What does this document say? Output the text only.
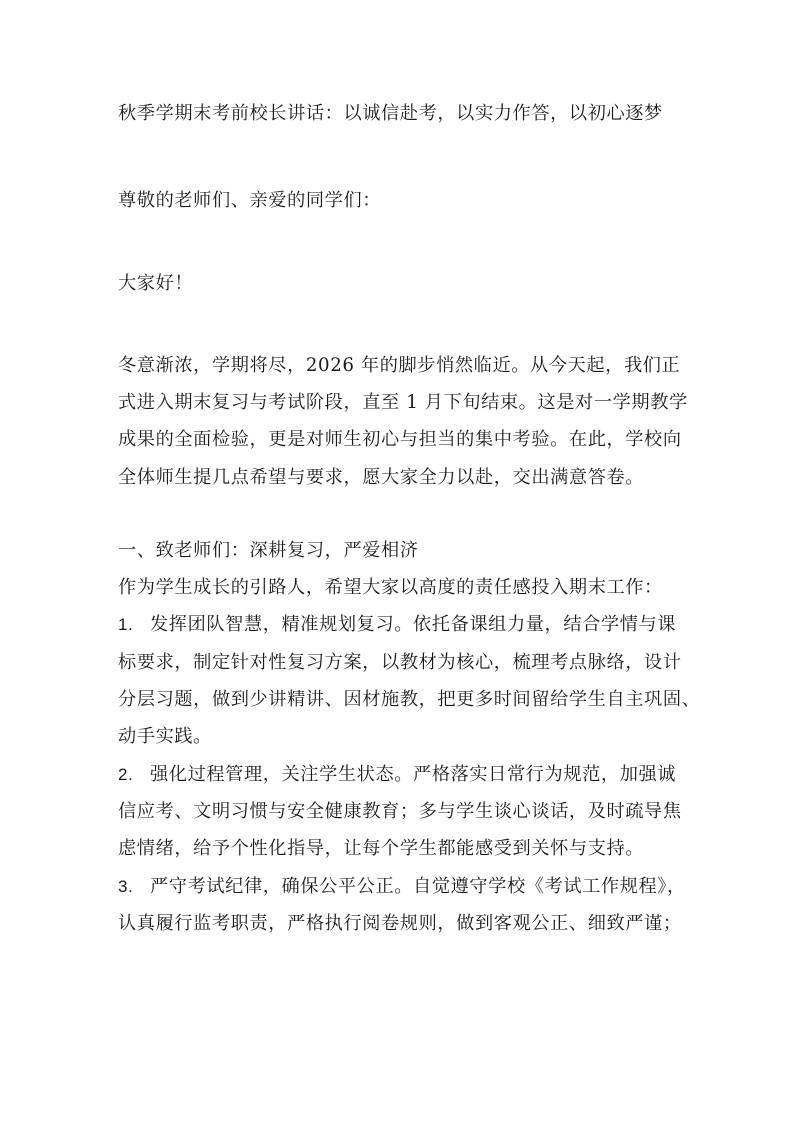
秋季学期末考前校长讲话：以诚信赴考，以实力作答，以初心逐梦
尊敬的老师们、亲爱的同学们：
大家好！
冬意渐浓，学期将尽，2026 年的脚步悄然临近。从今天起，我们正
式进入期末复习与考试阶段，直至 1 月下旬结束。这是对一学期教学
成果的全面检验，更是对师生初心与担当的集中考验。在此，学校向
全体师生提几点希望与要求，愿大家全力以赴，交出满意答卷。
一、致老师们：深耕复习，严爱相济
作为学生成长的引路人，希望大家以高度的责任感投入期末工作：
1. 发挥团队智慧，精准规划复习。依托备课组力量，结合学情与课
标要求，制定针对性复习方案，以教材为核心，梳理考点脉络，设计
分层习题，做到少讲精讲、因材施教，把更多时间留给学生自主巩固、
动手实践。
2. 强化过程管理，关注学生状态。严格落实日常行为规范，加强诚
信应考、文明习惯与安全健康教育；多与学生谈心谈话，及时疏导焦
虑情绪，给予个性化指导，让每个学生都能感受到关怀与支持。
3. 严守考试纪律，确保公平公正。自觉遵守学校《考试工作规程》，
认真履行监考职责，严格执行阅卷规则，做到客观公正、细致严谨；
